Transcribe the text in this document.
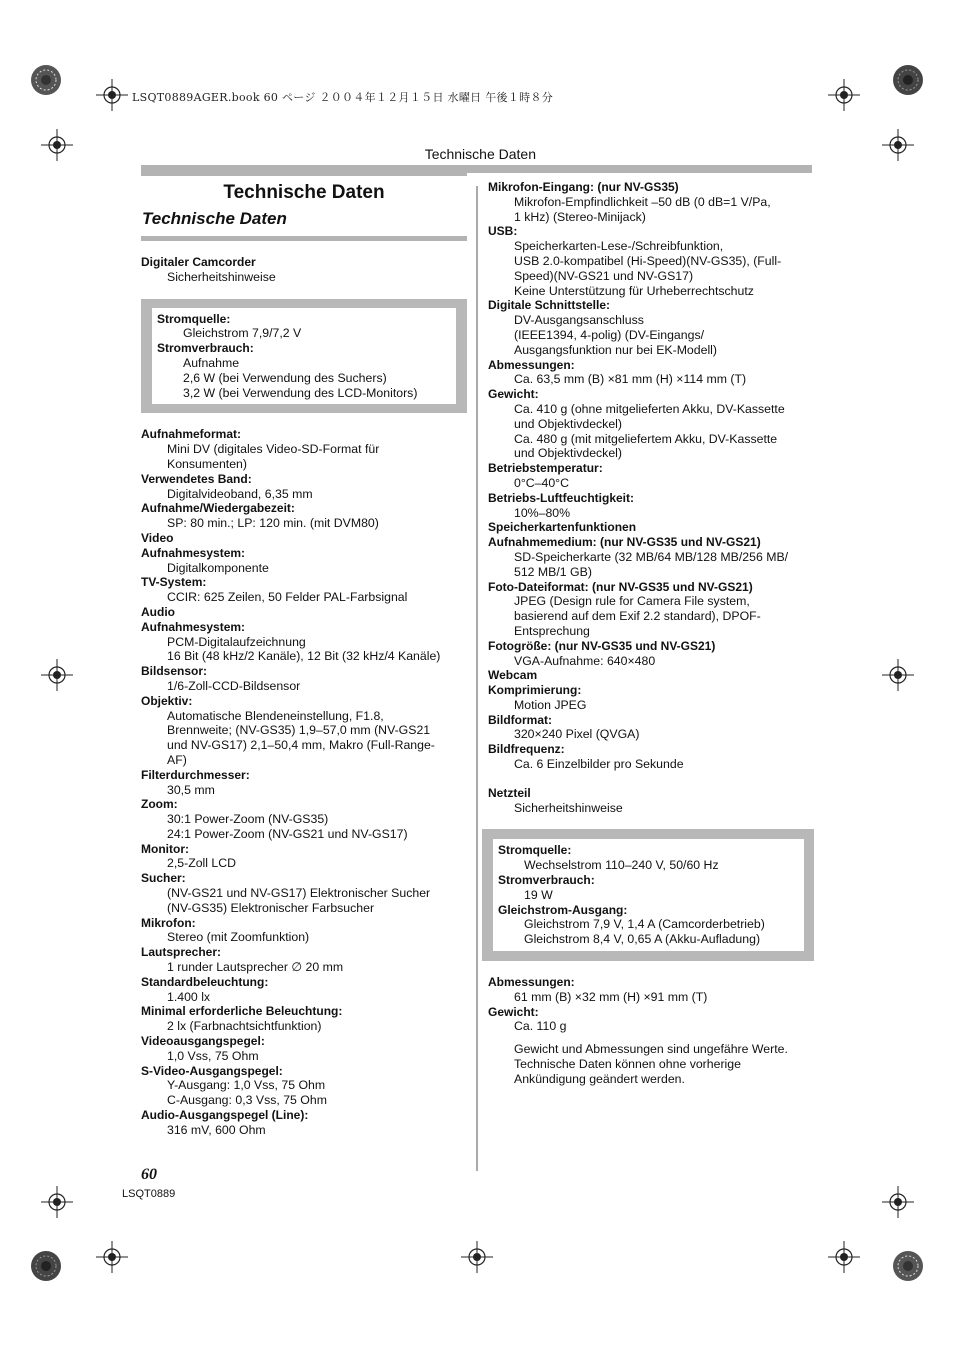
LSQT0889AGER.book 60 ページ ２００４年１２月１５日 水曜日 午後１時８分
Technische Daten
Technische Daten
Technische Daten
Digitaler Camcorder
Sicherheitshinweise
Stromquelle:
Gleichstrom 7,9/7,2 V
Stromverbrauch:
Aufnahme
2,6 W (bei Verwendung des Suchers)
3,2 W (bei Verwendung des LCD-Monitors)
Aufnahmeformat:
Mini DV (digitales Video-SD-Format für
Konsumenten)
Verwendetes Band:
Digitalvideoband, 6,35 mm
Aufnahme/Wiedergabezeit:
SP: 80 min.; LP: 120 min. (mit DVM80)
Video
Aufnahmesystem:
Digitalkomponente
TV-System:
CCIR: 625 Zeilen, 50 Felder PAL-Farbsignal
Audio
Aufnahmesystem:
PCM-Digitalaufzeichnung
16 Bit (48 kHz/2 Kanäle), 12 Bit (32 kHz/4 Kanäle)
Bildsensor:
1/6-Zoll-CCD-Bildsensor
Objektiv:
Automatische Blendeneinstellung, F1.8,
Brennweite; (NV-GS35) 1,9–57,0 mm (NV-GS21
und NV-GS17) 2,1–50,4 mm, Makro (Full-Range-
AF)
Filterdurchmesser:
30,5 mm
Zoom:
30:1 Power-Zoom (NV-GS35)
24:1 Power-Zoom (NV-GS21 und NV-GS17)
Monitor:
2,5-Zoll LCD
Sucher:
(NV-GS21 und NV-GS17) Elektronischer Sucher
(NV-GS35) Elektronischer Farbsucher
Mikrofon:
Stereo (mit Zoomfunktion)
Lautsprecher:
1 runder Lautsprecher ∅ 20 mm
Standardbeleuchtung:
1.400 lx
Minimal erforderliche Beleuchtung:
2 lx (Farbnachtsichtfunktion)
Videoausgangspegel:
1,0 Vss, 75 Ohm
S-Video-Ausgangspegel:
Y-Ausgang: 1,0 Vss, 75 Ohm
C-Ausgang: 0,3 Vss, 75 Ohm
Audio-Ausgangspegel (Line):
316 mV, 600 Ohm
Mikrofon-Eingang: (nur NV-GS35)
Mikrofon-Empfindlichkeit –50 dB (0 dB=1 V/Pa,
1 kHz) (Stereo-Minijack)
USB:
Speicherkarten-Lese-/Schreibfunktion,
USB 2.0-kompatibel (Hi-Speed)(NV-GS35), (Full-
Speed)(NV-GS21 und NV-GS17)
Keine Unterstützung für Urheberrechtschutz
Digitale Schnittstelle:
DV-Ausgangsanschluss
(IEEE1394, 4-polig) (DV-Eingangs/
Ausgangsfunktion nur bei EK-Modell)
Abmessungen:
Ca. 63,5 mm (B) ×81 mm (H) ×114 mm (T)
Gewicht:
Ca. 410 g (ohne mitgelieferten Akku, DV-Kassette
und Objektivdeckel)
Ca. 480 g (mit mitgeliefertem Akku, DV-Kassette
und Objektivdeckel)
Betriebstemperatur:
0°C–40°C
Betriebs-Luftfeuchtigkeit:
10%–80%
Speicherkartenfunktionen
Aufnahmemedium: (nur NV-GS35 und NV-GS21)
SD-Speicherkarte (32 MB/64 MB/128 MB/256 MB/
512 MB/1 GB)
Foto-Dateiformat: (nur NV-GS35 und NV-GS21)
JPEG (Design rule for Camera File system,
basierend auf dem Exif 2.2 standard), DPOF-
Entsprechung
Fotogröße: (nur NV-GS35 und NV-GS21)
VGA-Aufnahme: 640×480
Webcam
Komprimierung:
Motion JPEG
Bildformat:
320×240 Pixel (QVGA)
Bildfrequenz:
Ca. 6 Einzelbilder pro Sekunde
Netzteil
Sicherheitshinweise
Stromquelle:
Wechselstrom 110–240 V, 50/60 Hz
Stromverbrauch:
19 W
Gleichstrom-Ausgang:
Gleichstrom 7,9 V, 1,4 A (Camcorderbetrieb)
Gleichstrom 8,4 V, 0,65 A (Akku-Aufladung)
Abmessungen:
61 mm (B) ×32 mm (H) ×91 mm (T)
Gewicht:
Ca. 110 g
Gewicht und Abmessungen sind ungefähre Werte.
Technische Daten können ohne vorherige
Ankündigung geändert werden.
60
LSQT0889
